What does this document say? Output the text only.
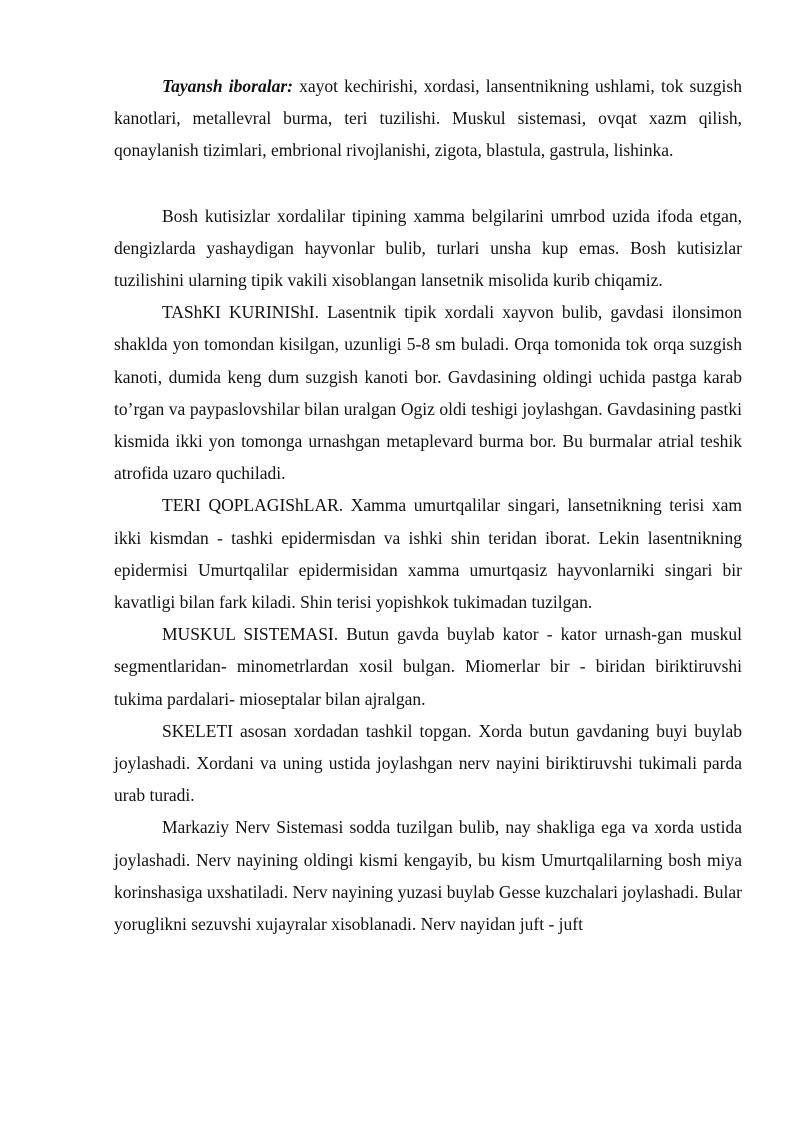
Tayansh iboralar: xayot kechirishi, xordasi, lansentnikning ushlami, tok suzgish kanotlari, metallevral burma, teri tuzilishi. Muskul sistemasi, ovqat xazm qilish, qonaylanish tizimlari, embrional rivojlanishi, zigota, blastula, gastrula, lishinka.

Bosh kutisizlar xordalilar tipining xamma belgilarini umrbod uzida ifoda etgan, dengizlarda yashaydigan hayvonlar bulib, turlari unsha kup emas. Bosh kutisizlar tuzilishini ularning tipik vakili xisoblangan lansetnik misolida kurib chiqamiz.

TAShKI KURINIShI. Lasentnik tipik xordali xayvon bulib, gavdasi ilonsimon shaklda yon tomondan kisilgan, uzunligi 5-8 sm buladi. Orqa tomonida tok orqa suzgish kanoti, dumida keng dum suzgish kanoti bor. Gavdasining oldingi uchida pastga karab to’rgan va paypaslovshilar bilan uralgan Ogiz oldi teshigi joylashgan. Gavdasining pastki kismida ikki yon tomonga urnashgan metaplevard burma bor. Bu burmalar atrial teshik atrofida uzaro quchiladi.

TERI QOPLAGIShLAR. Xamma umurtqalilar singari, lansetnikning terisi xam ikki kismdan - tashki epidermisdan va ishki shin teridan iborat. Lekin lasentnikning epidermisi Umurtqalilar epidermisidan xamma umurtqasiz hayvonlarniki singari bir kavatligi bilan fark kiladi. Shin terisi yopishkok tukimadan tuzilgan.

MUSKUL SISTEMASI. Butun gavda buylab kator - kator urnash-gan muskul segmentlaridan- minometrlardan xosil bulgan. Miomerlar bir - biridan biriktiruvshi tukima pardalari- mioseptalar bilan ajralgan.

SKELETI asosan xordadan tashkil topgan. Xorda butun gavdaning buyi buylab joylashadi. Xordani va uning ustida joylashgan nerv nayini biriktiruvshi tukimali parda urab turadi.

Markaziy Nerv Sistemasi sodda tuzilgan bulib, nay shakliga ega va xorda ustida joylashadi. Nerv nayining oldingi kismi kengayib, bu kism Umurtqalilarning bosh miya korinshasiga uxshatiladi. Nerv nayining yuzasi buylab Gesse kuzchalari joylashadi. Bular yoruglikni sezuvshi xujayralar xisoblanadi. Nerv nayidan juft - juft
